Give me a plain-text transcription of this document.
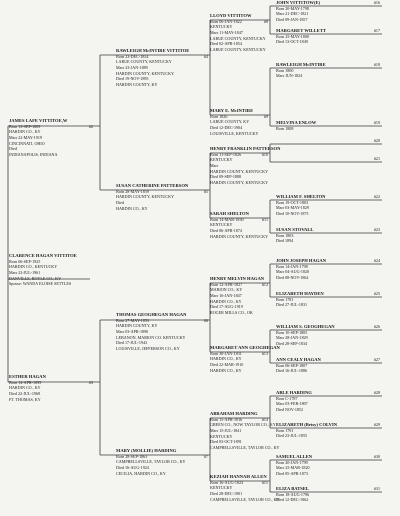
CLARENCE HAGAN VITTITOE
Born 06-SEP-1925
HARDIN CO., KENTUCKY
Marr 22-JUL-1961
DANVILLE, BOYLE CO., KY
Spouse: WANDA ELOISE SETTLES
JAMES LAFE VITTITOE,W
#2
Born 13-SEP-1889
HARDIN CO., KY
Marr 22-MAY-1919
CINCINNATI, OHIO
Died
INDIANAPOLIS, INDIANA
ESTHER HAGAN
#3
Born 14-APR-1895
HARDIN CO., KY
Died 22-JUL-1968
FT. THOMAS, KY
RAWLEIGH McINTIRE VITTITOE
#4
Born 23-DEC-1854
LARUE COUNTY, KENTUCKY
Marr 23-JAN-1889
HARDIN COUNTY, KENTUCKY
Died 19-NOV-1895
HARDIN COUNTY, KY
SUSAN CATHERINE PATTERSON
#5
Born 28-MAY-1859
HARDIN COUNTY, KENTUCKY
Died
HARDIN CO., KY
THOMAS GEOGHEGAN HAGAN
#6
Born 27-MAY-1853
HARDIN COUNTY, KY
Marr 03-APR-1890
LEBANON, MARION CO. KENTUCKY
Died 17-JUL-1943
LOUISVILLE, JEFFERSON CO., KY
MARY (MOLLIE) HARDING
#7
Born 28-SEP-1863
CAMPBELLSVILLE, TAYLOR CO., KY
Died 16-AUG-1924
CECILIA, HARDIN CO., KY
LLOYD VITTITOW
#8
Born 06-JAN-1822
KENTUCKY
Marr 11-MAY-1847
LARUE COUNTY, KENTUCKY
Died 02-APR-1854
LARUE COUNTY, KENTUCKY
MARY E. McINTIRE
#9
Born 1826
LARUE COUNTY, KY
Died 12-DEC-1904
LOUISVILLE, KENTUCKY
HENRY FRANKLIN PATTERSON
#10
Born 11-SEP-1826
KENTUCKY
Marr
HARDIN COUNTY, KENTUCKY
Died 09-SEP-1888
HARDIN COUNTY, KENTUCKY
SARAH SHELTON
#11
Born 14-MAR-1830
KENTUCKY
Died 06-APR-1874
HARDIN COUNTY, KENTUCKY
HENRY MELVIN HAGAN
#12
Born 12-APR-1827
MARION CO., KY
Marr 16-JAN-1847
HARDIN CO., KY
Died 17-AUG-1919
ROGER MILLS CO., OK
MARGARET ANN GEOGHEGAN
#13
Born 30-JAN-1831
HARDIN CO., KY
Died 22-MAR-1910
HARDIN CO., KY
ABRAHAM HARDING
#14
Born 15-APR-1816
GREEN CO., NOW TAYLOR CO., KY
Marr 15-JUL-1841
KENTUCKY
Died 03-OCT-1891
CAMPBELLSVILLE, TAYLOR CO., KY
KEZIAH HANNAH ALLEN
#15
Born 16-AUG-1823
KENTUCKY
Died 28-DEC-1901
CAMPBELLSVILLE, TAYLOR CO., KY
JOHN VITTITOW(E)	#16
Born 20-MAY-1798
Marr 21-DEC-1821
Died 09-JAN-1857
MARGARET WILLETT	#17
Born 25-MAY-1800
Died 13-OCT-1849
RAWLEIGH McINTIRE	#18
Born 1800
Marr JUN-1824
MELVINA ENLOW	#19
Born 1808
#20
#21
WILLIAM F. SHELTON	#22
Born 19-OCT-1803
Marr 03-MAY-1829
Died 10-NOV-1875
SUSAN STOVALL	#23
Born 1803
Died 1894
JOHN JOSEPH HAGAN	#24
Born 14-JAN-1798
Marr 04-AUG-1820
Died 08-NOV-1862
ELIZABETH HAYDEN	#25
Born 1781
Died 27-JUL-1831
WILLIAM S. GEOGHEGAN	#26
Born 10-SEP-1805
Marr 28-JAN-1829
Died 28-SEP-1834
ANN CEALY HAGAN	#27
Born 06-SEP-1807
Died 16-JUL-1886
ABLE HARDING	#28
Born C-1787
Marr 03-FEB-1807
Died NOV-1852
ELIZABETH (Betsy) COLVIN	#29
Born 1791
Died 23-JUL-1855
SAMUEL ALLEN	#30
Born 20-JAN-1799
Marr 25-MAR-1820
Died 05-APR-1873
ELIZA BATSEL	#31
Born 18-AUG-1796
Died 12-DEC-1862
